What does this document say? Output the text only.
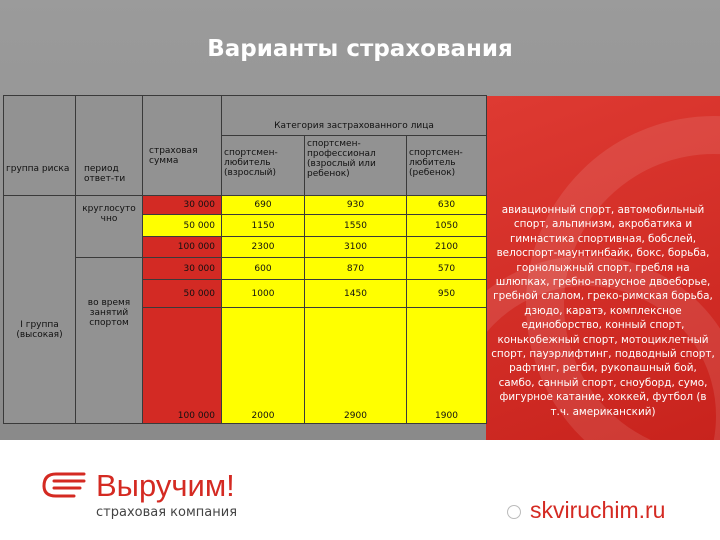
Варианты страхования
авиационный спорт, автомобильный спорт, альпинизм, акробатика и гимнастика спортивная, бобслей, велоспорт-маунтинбайк, бокс, борьба, горнолыжный спорт, гребля на шлюпках, гребно-парусное двоеборье, гребной слалом, греко-римская борьба, дзюдо, каратэ, комплексное единоборство, конный спорт, конькобежный спорт, мотоциклетный спорт, пауэрлифтинг, подводный спорт, рафтинг, регби, рукопашный бой, самбо, санный спорт, сноуборд, сумо, фигурное катание, хоккей, футбол (в т.ч. американский)
			Категория застрахованного лица		
группа риска	период ответ-ти	страховая сумма	спортсмен-любитель (взрослый)	спортсмен-профессионал (взрослый или ребенок)	спортсмен-любитель (ребенок)
I группа (высокая)	круглосуто чно	30 000	690	930	630
		50 000	1150	1550	1050
		100 000	2300	3100	2100
	во время занятий спортом	30 000	600	870	570
		50 000	1000	1450	950
		100 000	2000	2900	1900
Выручим!
страховая компания	skviruchim.ru
